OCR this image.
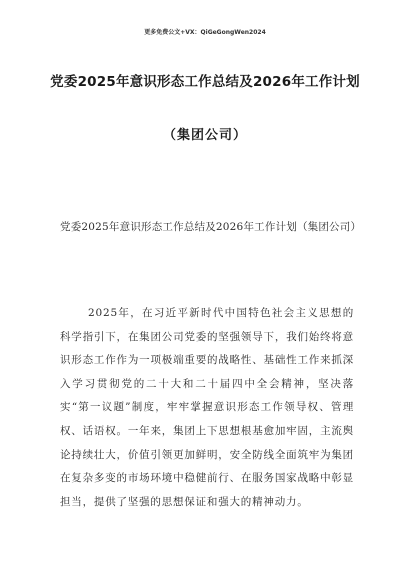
更多免费公文+VX：QiGeGongWen2024
党委2025年意识形态工作总结及2026年工作计划
（集团公司）
党委2025年意识形态工作总结及2026年工作计划（集团公司）

2025年，在习近平新时代中国特色社会主义思想的科学指引下，在集团公司党委的坚强领导下，我们始终将意识形态工作作为一项极端重要的战略性、基础性工作来抓深入学习贯彻党的二十大和二十届四中全会精神，坚决落实“第一议题”制度，牢牢掌握意识形态工作领导权、管理权、话语权。一年来，集团上下思想根基愈加牢固，主流舆论持续壮大，价值引领更加鲜明，安全防线全面筑牢为集团在复杂多变的市场环境中稳健前行、在服务国家战略中彰显担当，提供了坚强的思想保证和强大的精神动力。
